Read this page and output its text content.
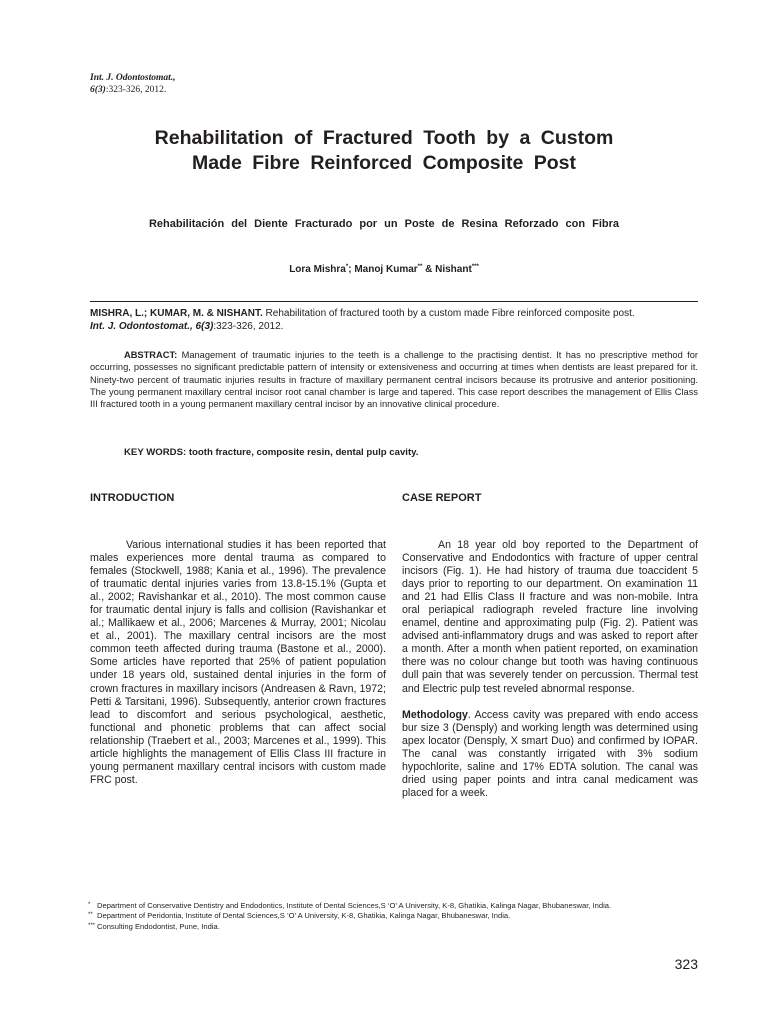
Int. J. Odontostomat.,
6(3):323-326, 2012.
Rehabilitation of Fractured Tooth by a Custom
Made Fibre Reinforced Composite Post
Rehabilitación del Diente Fracturado por un Poste de Resina Reforzado con Fibra
Lora Mishra*; Manoj Kumar** & Nishant***
MISHRA, L.; KUMAR, M. & NISHANT. Rehabilitation of fractured tooth by a custom made Fibre reinforced composite post.
Int. J. Odontostomat., 6(3):323-326, 2012.
ABSTRACT: Management of traumatic injuries to the teeth is a challenge to the practising dentist. It has no prescriptive method for occurring, possesses no significant predictable pattern of intensity or extensiveness and occurring at times when dentists are least prepared for it. Ninety-two percent of traumatic injuries results in fracture of maxillary permanent central incisors because its protrusive and anterior positioning. The young permanent maxillary central incisor root canal chamber is large and tapered. This case report describes the management of Ellis Class III fractured tooth in a young permanent maxillary central incisor by an innovative clinical procedure.
KEY WORDS: tooth fracture, composite resin, dental pulp cavity.
INTRODUCTION	CASE REPORT

Various international studies it has been reported that males experiences more dental trauma as compared to females (Stockwell, 1988; Kania et al., 1996). The prevalence of traumatic dental injuries varies from 13.8-15.1% (Gupta et al., 2002; Ravishankar et al., 2010). The most common cause for traumatic dental injury is falls and collision (Ravishankar et al.; Mallikaew et al., 2006; Marcenes & Murray, 2001; Nicolau et al., 2001). The maxillary central incisors are the most common teeth affected during trauma (Bastone et al., 2000). Some articles have reported that 25% of patient population under 18 years old, sustained dental injuries in the form of crown fractures in maxillary incisors (Andreasen & Ravn, 1972; Petti & Tarsitani, 1996). Subsequently, anterior crown fractures lead to discomfort and serious psychological, aesthetic, functional and phonetic problems that can affect social relationship (Traebert et al., 2003; Marcenes et al., 1999). This article highlights the management of Ellis Class III fracture in young permanent maxillary central incisors with custom made FRC post.

An 18 year old boy reported to the Department of Conservative and Endodontics with fracture of upper central incisors (Fig. 1). He had history of trauma due toaccident 5 days prior to reporting to our department. On examination 11 and 21 had Ellis Class II fracture and was non-mobile. Intra oral periapical radiograph reveled fracture line involving enamel, dentine and approximating pulp (Fig. 2). Patient was advised anti-inflammatory drugs and was asked to report after a month. After a month when patient reported, on examination there was no colour change but tooth was having continuous dull pain that was severely tender on percussion. Thermal test and Electric pulp test reveled abnormal response.

Methodology. Access cavity was prepared with endo access bur size 3 (Densply) and working length was determined using apex locator (Densply, X smart Duo) and confirmed by IOPAR. The canal was constantly irrigated with 3% sodium hypochlorite, saline and 17% EDTA solution. The canal was dried using paper points and intra canal medicament was placed for a week.

* Department of Conservative Dentistry and Endodontics, Institute of Dental Sciences,S ‘O’ A University, K-8, Ghatikia, Kalinga Nagar, Bhubaneswar, India.
** Department of Peridontia, Institute of Dental Sciences,S ‘O’ A University, K-8, Ghatikia, Kalinga Nagar, Bhubaneswar, India.
*** Consulting Endodontist, Pune, India.
323
